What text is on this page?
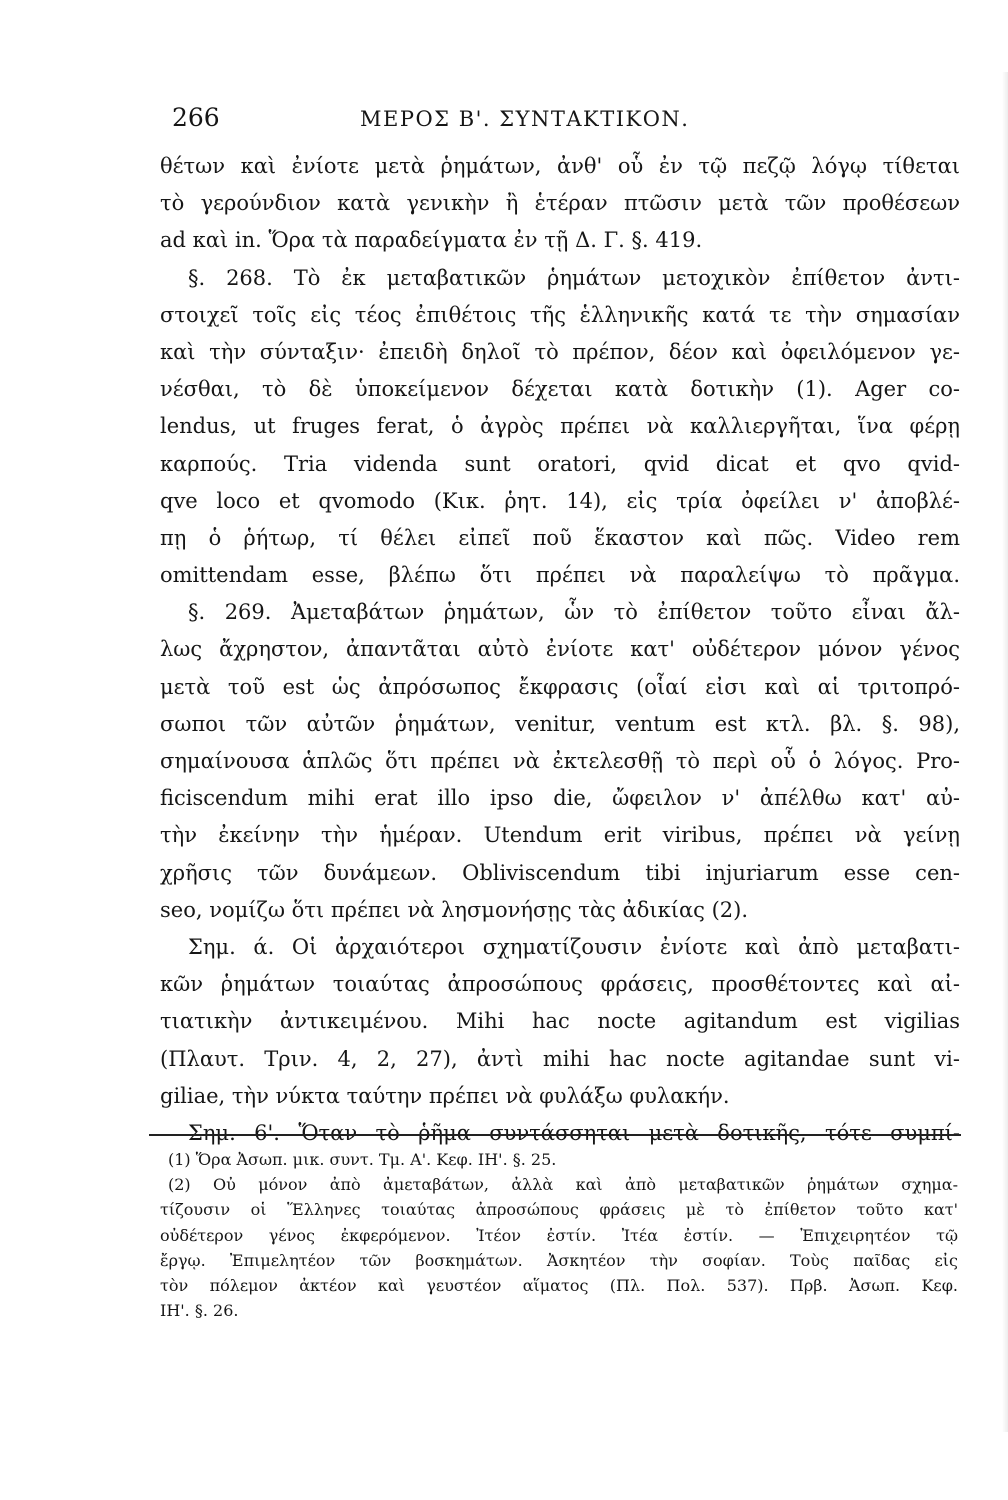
266	ΜΕΡΟΣ Β'. ΣΥΝΤΑΚΤΙΚΟΝ.
θέτων καὶ ἐνίοτε μετὰ ῥημάτων, ἀνθ' οὗ ἐν τῷ πεζῷ λόγῳ τίθεται
τὸ γερούνδιον κατὰ γενικὴν ἢ ἑτέραν πτῶσιν μετὰ τῶν προθέσεων
ad καὶ in. Ὅρα τὰ παραδείγματα ἐν τῇ Δ. Γ. §. 419.
§. 268. Τὸ ἐκ μεταβατικῶν ῥημάτων μετοχικὸν ἐπίθετον ἀντι-
στοιχεῖ τοῖς εἰς τέος ἐπιθέτοις τῆς ἑλληνικῆς κατά τε τὴν σημασίαν
καὶ τὴν σύνταξιν· ἐπειδὴ δηλοῖ τὸ πρέπον, δέον καὶ ὀφειλόμενον γε-
νέσθαι, τὸ δὲ ὑποκείμενον δέχεται κατὰ δοτικὴν (1). Ager co-
lendus, ut fruges ferat, ὁ ἀγρὸς πρέπει νὰ καλλιεργῆται, ἵνα φέρῃ
καρπούς. Tria videnda sunt oratori, qvid dicat et qvo qvid-
qve loco et qvomodo (Κικ. ῥητ. 14), εἰς τρία ὀφείλει ν' ἀποβλέ-
πῃ ὁ ῥήτωρ, τί θέλει εἰπεῖ ποῦ ἕκαστον καὶ πῶς. Video rem
omittendam esse, βλέπω ὅτι πρέπει νὰ παραλείψω τὸ πρᾶγμα.
§. 269. Ἀμεταβάτων ῥημάτων, ὧν τὸ ἐπίθετον τοῦτο εἶναι ἄλ-
λως ἄχρηστον, ἀπαντᾶται αὐτὸ ἐνίοτε κατ' οὐδέτερον μόνον γένος
μετὰ τοῦ est ὡς ἀπρόσωπος ἔκφρασις (οἷαί εἰσι καὶ αἱ τριτοπρό-
σωποι τῶν αὐτῶν ῥημάτων, venitur, ventum est κτλ. βλ. §. 98),
σημαίνουσα ἁπλῶς ὅτι πρέπει νὰ ἐκτελεσθῇ τὸ περὶ οὗ ὁ λόγος. Pro-
ficiscendum mihi erat illo ipso die, ὤφειλον ν' ἀπέλθω κατ' αὐ-
τὴν ἐκείνην τὴν ἡμέραν. Utendum erit viribus, πρέπει νὰ γείνῃ
χρῆσις τῶν δυνάμεων. Obliviscendum tibi injuriarum esse cen-
seo, νομίζω ὅτι πρέπει νὰ λησμονήσῃς τὰς ἀδικίας (2).
Σημ. ά. Οἱ ἀρχαιότεροι σχηματίζουσιν ἐνίοτε καὶ ἀπὸ μεταβατι-
κῶν ῥημάτων τοιαύτας ἀπροσώπους φράσεις, προσθέτοντες καὶ αἰ-
τιατικὴν ἀντικειμένου. Mihi hac nocte agitandum est vigilias
(Πλαυτ. Τριν. 4, 2, 27), ἀντὶ mihi hac nocte agitandae sunt vi-
giliae, τὴν νύκτα ταύτην πρέπει νὰ φυλάξω φυλακήν.
Σημ. 6'. Ὅταν τὸ ῥῆμα συντάσσηται μετὰ δοτικῆς, τότε συμπί-
(1) Ὅρα Ἀσωπ. μικ. συντ. Τμ. Α'. Κεφ. ΙΗ'. §. 25.
(2) Οὐ μόνον ἀπὸ ἀμεταβάτων, ἀλλὰ καὶ ἀπὸ μεταβατικῶν ῥημάτων σχημα-
τίζουσιν οἱ Ἕλληνες τοιαύτας ἀπροσώπους φράσεις μὲ τὸ ἐπίθετον τοῦτο κατ'
οὐδέτερον γένος ἐκφερόμενον. Ἰτέον ἐστίν. Ἰτέα ἐστίν. — Ἐπιχειρητέον τῷ
ἔργῳ. Ἐπιμελητέον τῶν βοσκημάτων. Ἀσκητέον τὴν σοφίαν. Τοὺς παῖδας εἰς
τὸν πόλεμον ἀκτέον καὶ γευστέον αἵματος (Πλ. Πολ. 537). Πρβ. Ἀσωπ. Κεφ.
ΙΗ'. §. 26.
